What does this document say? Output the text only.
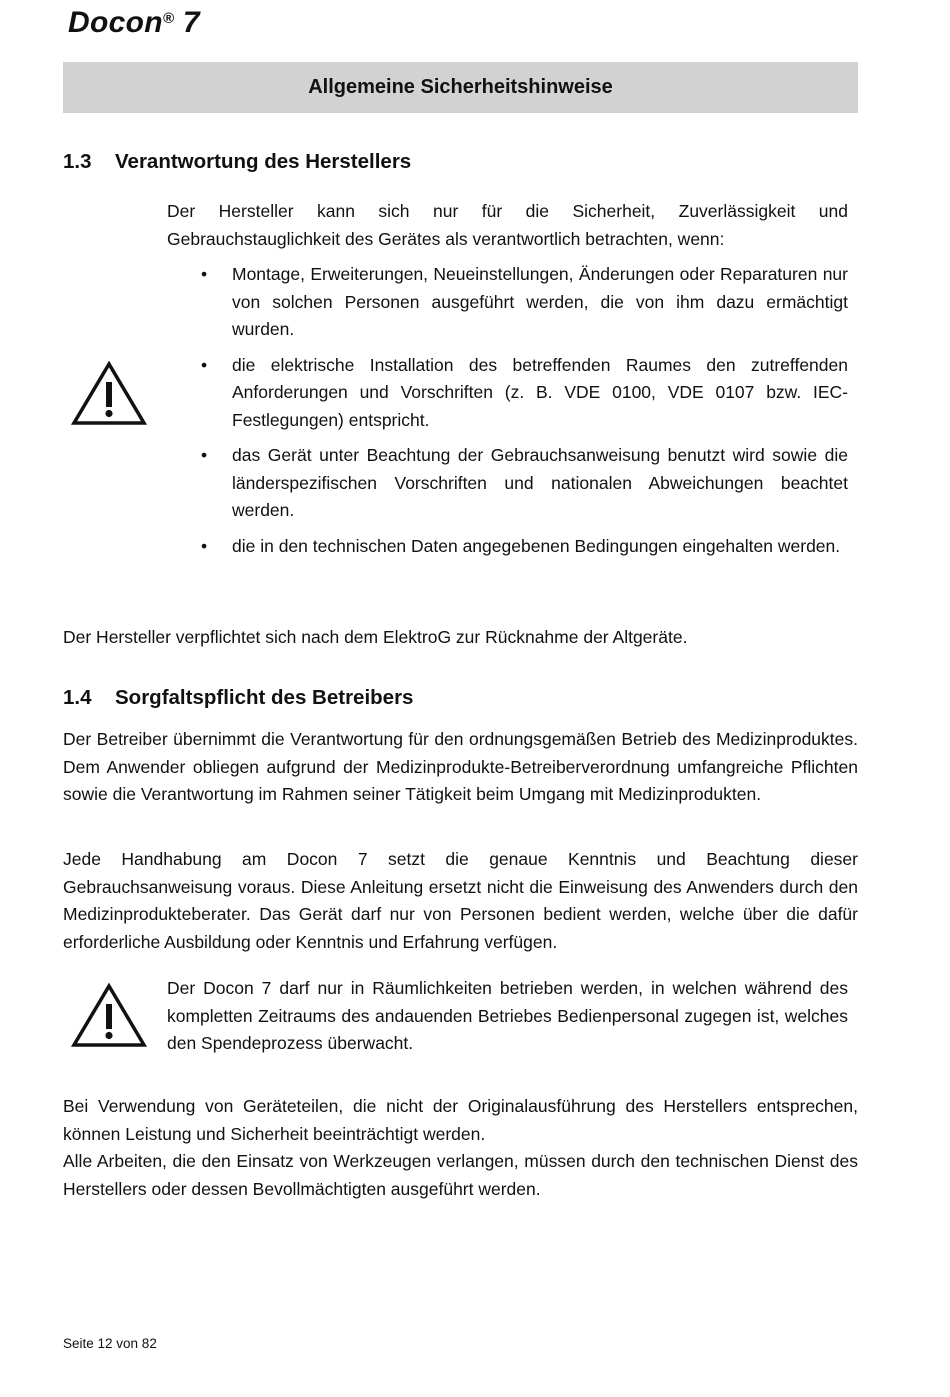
Docon® 7
Allgemeine Sicherheitshinweise
1.3 Verantwortung des Herstellers

Der Hersteller kann sich nur für die Sicherheit, Zuverlässigkeit und Gebrauchstauglichkeit des Gerätes als verantwortlich betrachten, wenn:

• Montage, Erweiterungen, Neueinstellungen, Änderungen oder Reparaturen nur von solchen Personen ausgeführt werden, die von ihm dazu ermächtigt wurden.

• die elektrische Installation des betreffenden Raumes den zutreffenden Anforderungen und Vorschriften (z. B. VDE 0100, VDE 0107 bzw. IEC-Festlegungen) entspricht.

• das Gerät unter Beachtung der Gebrauchsanweisung benutzt wird sowie die länderspezifischen Vorschriften und nationalen Abweichungen beachtet werden.

• die in den technischen Daten angegebenen Bedingungen eingehalten werden.

Der Hersteller verpflichtet sich nach dem ElektroG zur Rücknahme der Altgeräte.

1.4 Sorgfaltspflicht des Betreibers

Der Betreiber übernimmt die Verantwortung für den ordnungsgemäßen Betrieb des Medizinproduktes. Dem Anwender obliegen aufgrund der Medizinprodukte-Betreiberverordnung umfangreiche Pflichten sowie die Verantwortung im Rahmen seiner Tätigkeit beim Umgang mit Medizinprodukten.

Jede Handhabung am Docon 7 setzt die genaue Kenntnis und Beachtung dieser Gebrauchsanweisung voraus. Diese Anleitung ersetzt nicht die Einweisung des Anwenders durch den Medizinprodukteberater. Das Gerät darf nur von Personen bedient werden, welche über die dafür erforderliche Ausbildung oder Kenntnis und Erfahrung verfügen.

Der Docon 7 darf nur in Räumlichkeiten betrieben werden, in welchen während des kompletten Zeitraums des andauenden Betriebes Bedienpersonal zugegen ist, welches den Spendeprozess überwacht.

Bei Verwendung von Geräteteilen, die nicht der Originalausführung des Herstellers entsprechen, können Leistung und Sicherheit beeinträchtigt werden.

Alle Arbeiten, die den Einsatz von Werkzeugen verlangen, müssen durch den technischen Dienst des Herstellers oder dessen Bevollmächtigten ausgeführt werden.

Seite 12 von 82
